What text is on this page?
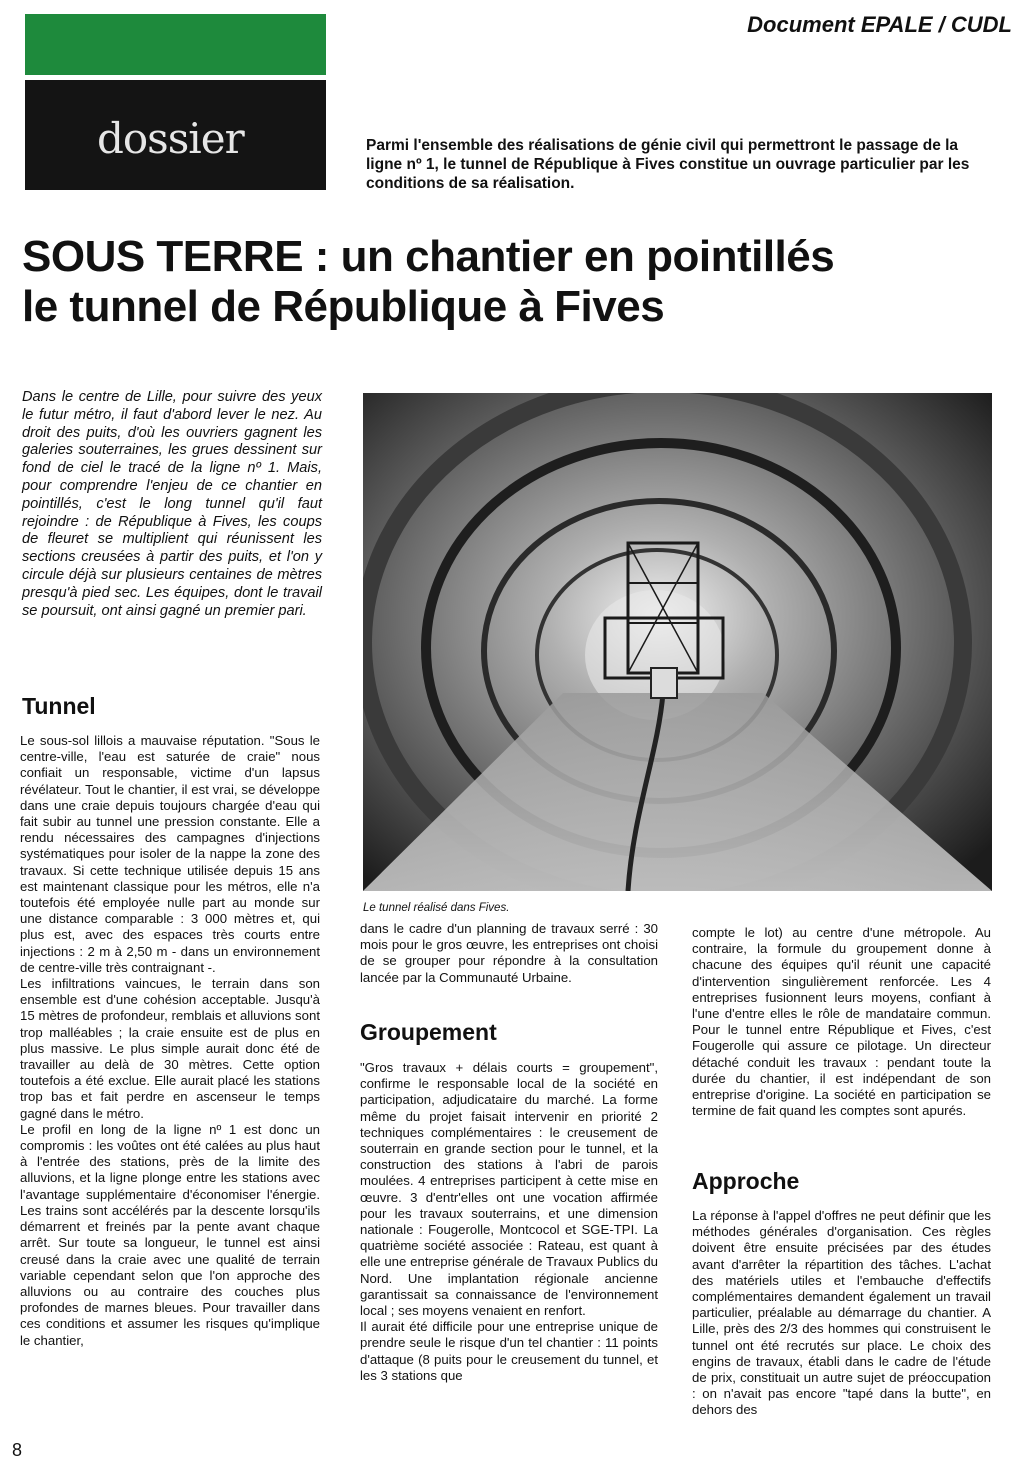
dossier
Document EPALE / CUDL
Parmi l'ensemble des réalisations de génie civil qui permettront le passage de la ligne nº 1, le tunnel de République à Fives constitue un ouvrage particulier par les conditions de sa réalisation.
SOUS TERRE : un chantier en pointillés
le tunnel de République à Fives
Dans le centre de Lille, pour suivre des yeux le futur métro, il faut d'abord lever le nez. Au droit des puits, d'où les ouvriers gagnent les galeries souterraines, les grues dessinent sur fond de ciel le tracé de la ligne nº 1. Mais, pour comprendre l'enjeu de ce chantier en pointillés, c'est le long tunnel qu'il faut rejoindre : de République à Fives, les coups de fleuret se multiplient qui réunissent les sections creusées à partir des puits, et l'on y circule déjà sur plusieurs centaines de mètres presqu'à pied sec. Les équipes, dont le travail se poursuit, ont ainsi gagné un premier pari.
Tunnel

Le sous-sol lillois a mauvaise réputation. "Sous le centre-ville, l'eau est saturée de craie" nous confiait un responsable, victime d'un lapsus révélateur. Tout le chantier, il est vrai, se développe dans une craie depuis toujours chargée d'eau qui fait subir au tunnel une pression constante. Elle a rendu nécessaires des campagnes d'injections systématiques pour isoler de la nappe la zone des travaux. Si cette technique utilisée depuis 15 ans est maintenant classique pour les métros, elle n'a toutefois été employée nulle part au monde sur une distance comparable : 3 000 mètres et, qui plus est, avec des espaces très courts entre injections : 2 m à 2,50 m - dans un environnement de centre-ville très contraignant -.

Les infiltrations vaincues, le terrain dans son ensemble est d'une cohésion acceptable. Jusqu'à 15 mètres de profondeur, remblais et alluvions sont trop malléables ; la craie ensuite est de plus en plus massive. Le plus simple aurait donc été de travailler au delà de 30 mètres. Cette option toutefois a été exclue. Elle aurait placé les stations trop bas et fait perdre en ascenseur le temps gagné dans le métro.

Le profil en long de la ligne nº 1 est donc un compromis : les voûtes ont été calées au plus haut à l'entrée des stations, près de la limite des alluvions, et la ligne plonge entre les stations avec l'avantage supplémentaire d'économiser l'énergie. Les trains sont accélérés par la descente lorsqu'ils démarrent et freinés par la pente avant chaque arrêt. Sur toute sa longueur, le tunnel est ainsi creusé dans la craie avec une qualité de terrain variable cependant selon que l'on approche des alluvions ou au contraire des couches plus profondes de marnes bleues. Pour travailler dans ces conditions et assumer les risques qu'implique le chantier,

Le tunnel réalisé dans Fives.
dans le cadre d'un planning de travaux serré : 30 mois pour le gros œuvre, les entreprises ont choisi de se grouper pour répondre à la consultation lancée par la Communauté Urbaine.
Groupement

"Gros travaux + délais courts = groupement", confirme le responsable local de la société en participation, adjudicataire du marché. La forme même du projet faisait intervenir en priorité 2 techniques complémentaires : le creusement de souterrain en grande section pour le tunnel, et la construction des stations à l'abri de parois moulées. 4 entreprises participent à cette mise en œuvre. 3 d'entr'elles ont une vocation affirmée pour les travaux souterrains, et une dimension nationale : Fougerolle, Montcocol et SGE-TPI. La quatrième société associée : Rateau, est quant à elle une entreprise générale de Travaux Publics du Nord. Une implantation régionale ancienne garantissait sa connaissance de l'environnement local ; ses moyens venaient en renfort.

Il aurait été difficile pour une entreprise unique de prendre seule le risque d'un tel chantier : 11 points d'attaque (8 puits pour le creusement du tunnel, et les 3 stations que

compte le lot) au centre d'une métropole. Au contraire, la formule du groupement donne à chacune des équipes qu'il réunit une capacité d'intervention singulièrement renforcée. Les 4 entreprises fusionnent leurs moyens, confiant à l'une d'entre elles le rôle de mandataire commun. Pour le tunnel entre République et Fives, c'est Fougerolle qui assure ce pilotage. Un directeur détaché conduit les travaux : pendant toute la durée du chantier, il est indépendant de son entreprise d'origine. La société en participation se termine de fait quand les comptes sont apurés.
Approche

La réponse à l'appel d'offres ne peut définir que les méthodes générales d'organisation. Ces règles doivent être ensuite précisées par des études avant d'arrêter la répartition des tâches. L'achat des matériels utiles et l'embauche d'effectifs complémentaires demandent également un travail particulier, préalable au démarrage du chantier. A Lille, près des 2/3 des hommes qui construisent le tunnel ont été recrutés sur place. Le choix des engins de travaux, établi dans le cadre de l'étude de prix, constituait un autre sujet de préoccupation : on n'avait pas encore "tapé dans la butte", en dehors des

8
